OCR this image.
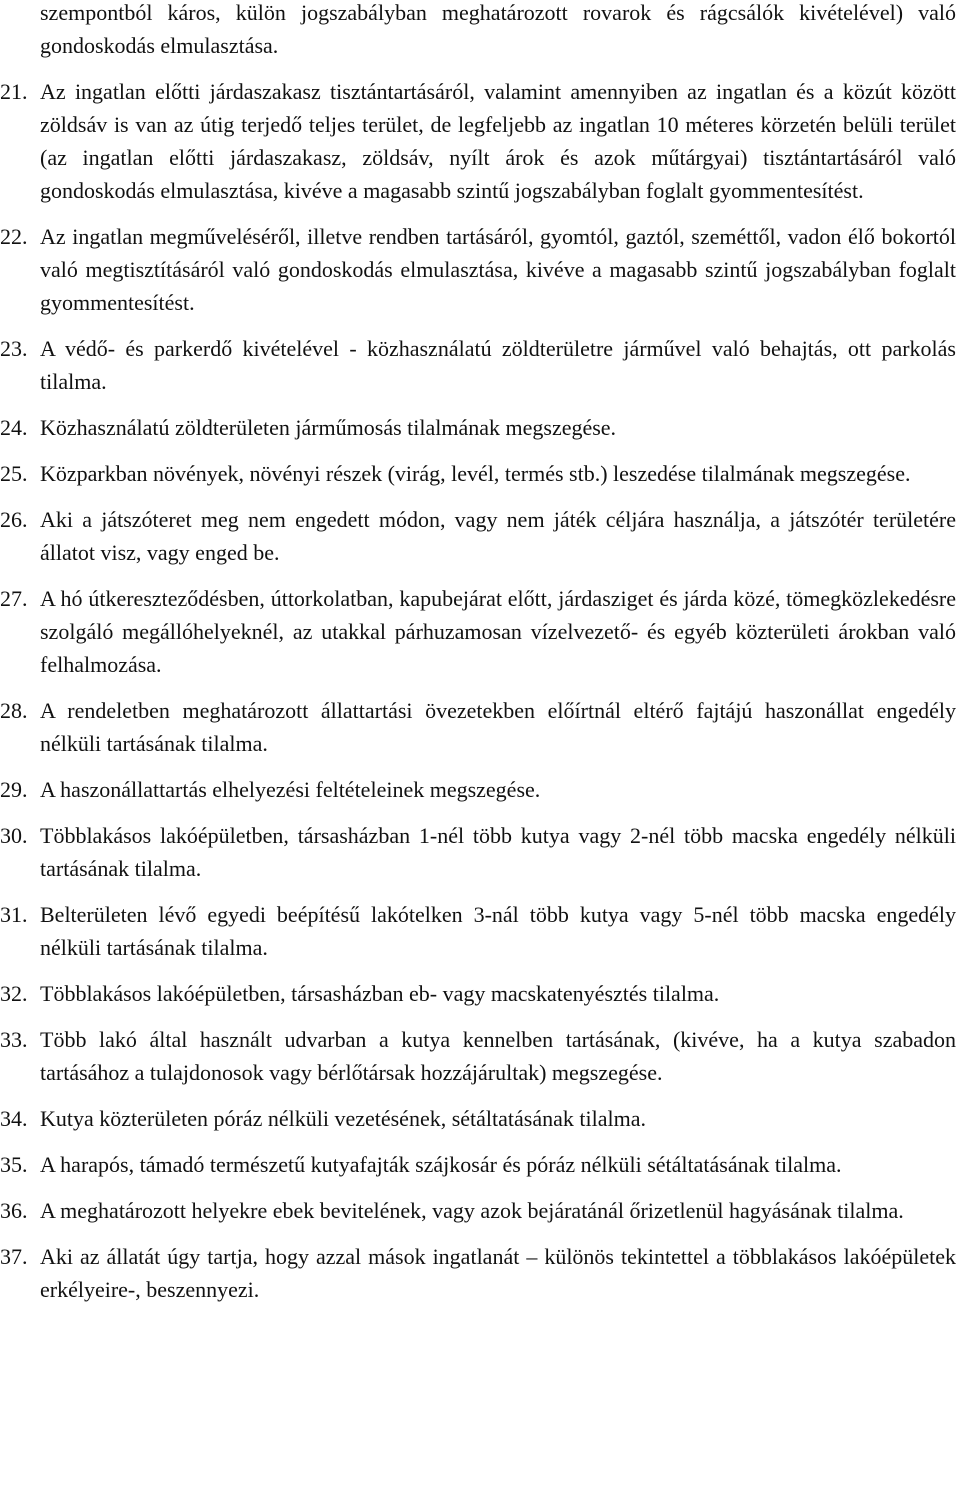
szempontból káros, külön jogszabályban meghatározott rovarok és rágcsálók kivételével) való gondoskodás elmulasztása.
21. Az ingatlan előtti járdaszakasz tisztántartásáról, valamint amennyiben az ingatlan és a közút között zöldsáv is van az útig terjedő teljes terület, de legfeljebb az ingatlan 10 méteres körzetén belüli terület (az ingatlan előtti járdaszakasz, zöldsáv, nyílt árok és azok műtárgyai) tisztántartásáról való gondoskodás elmulasztása, kivéve a magasabb szintű jogszabályban foglalt gyommentesítést.
22. Az ingatlan megműveléséről, illetve rendben tartásáról, gyomtól, gaztól, szeméttől, vadon élő bokortól való megtisztításáról való gondoskodás elmulasztása, kivéve a magasabb szintű jogszabályban foglalt gyommentesítést.
23. A védő- és parkerdő kivételével - közhasználatú zöldterületre járművel való behajtás, ott parkolás tilalma.
24. Közhasználatú zöldterületen járműmosás tilalmának megszegése.
25. Közparkban növények, növényi részek (virág, levél, termés stb.) leszedése tilalmának megszegése.
26. Aki a játszóteret meg nem engedett módon, vagy nem játék céljára használja, a játszótér területére állatot visz, vagy enged be.
27. A hó útkereszteződésben, úttorkolatban, kapubejárat előtt, járdasziget és járda közé, tömegközlekedésre szolgáló megállóhelyeknél, az utakkal párhuzamosan vízelvezető- és egyéb közterületi árokban való felhalmozása.
28. A rendeletben meghatározott állattartási övezetekben előírtnál eltérő fajtájú haszonállat engedély nélküli tartásának tilalma.
29. A haszonállattartás elhelyezési feltételeinek megszegése.
30. Többlakásos lakóépületben, társasházban 1-nél több kutya vagy 2-nél több macska engedély nélküli tartásának tilalma.
31. Belterületen lévő egyedi beépítésű lakótelken 3-nál több kutya vagy 5-nél több macska engedély nélküli tartásának tilalma.
32. Többlakásos lakóépületben, társasházban eb- vagy macskatenyésztés tilalma.
33. Több lakó által használt udvarban a kutya kennelben tartásának, (kivéve, ha a kutya szabadon tartásához a tulajdonosok vagy bérlőtársak hozzájárultak) megszegése.
34. Kutya közterületen póráz nélküli vezetésének, sétáltatásának tilalma.
35. A harapós, támadó természetű kutyafajták szájkosár és póráz nélküli sétáltatásának tilalma.
36. A meghatározott helyekre ebek bevitelének, vagy azok bejáratánál őrizetlenül hagyásának tilalma.
37. Aki az állatát úgy tartja, hogy azzal mások ingatlanát – különös tekintettel a többlakásos lakóépületek erkélyeire-, beszennyezi.
